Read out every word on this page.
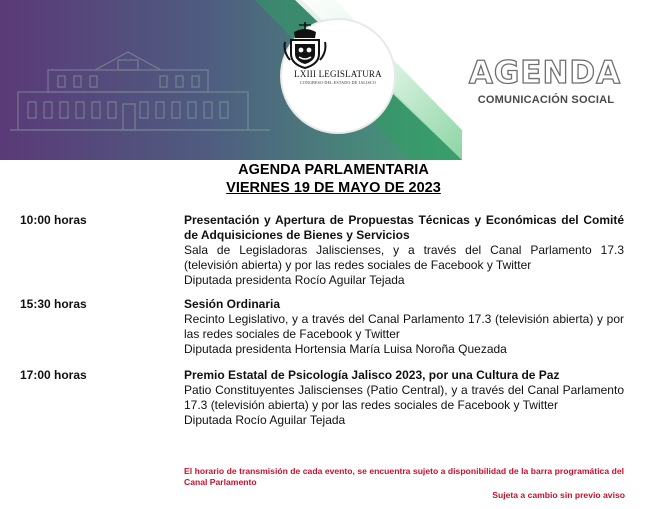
LXIII LEGISLATURA
CONGRESO DEL ESTADO DE JALISCO	AGENDA
COMUNICACIÓN SOCIAL
AGENDA PARLAMENTARIA
VIERNES 19 DE MAYO DE 2023
10:00 horas	Presentación y Apertura de Propuestas Técnicas y Económicas del Comité de Adquisiciones de Bienes y Servicios
Sala de Legisladoras Jaliscienses, y a través del Canal Parlamento 17.3 (televisión abierta) y por las redes sociales de Facebook y Twitter
Diputada presidenta Rocío Aguilar Tejada
15:30 horas	Sesión Ordinaria
Recinto Legislativo, y a través del Canal Parlamento 17.3 (televisión abierta) y por las redes sociales de Facebook y Twitter
Diputada presidenta Hortensia María Luisa Noroña Quezada
17:00 horas	Premio Estatal de Psicología Jalisco 2023, por una Cultura de Paz
Patio Constituyentes Jaliscienses (Patio Central), y a través del Canal Parlamento 17.3 (televisión abierta) y por las redes sociales de Facebook y Twitter
Diputada Rocío Aguilar Tejada
El horario de transmisión de cada evento, se encuentra sujeto a disponibilidad de la barra programática del Canal Parlamento
Sujeta a cambio sin previo aviso
